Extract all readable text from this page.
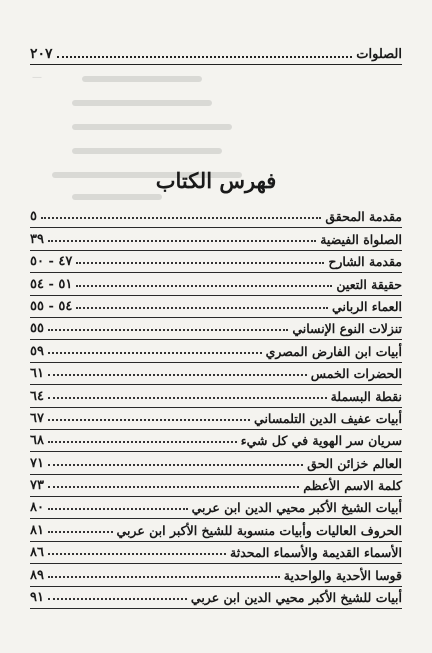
الصلوات
٢٠٧
—
فهرس الكتاب
مقدمة المحقق
٥
الصلواة الفيضية
٣٩
مقدمة الشارح
٤٧ - ٥٠
حقيقة التعين
٥١ - ٥٤
العماء الرباني
٥٤ - ٥٥
تنزلات النوع الإنساني
٥٥
أبيات ابن الفارض المصري
٥٩
الحضرات الخمس
٦١
نقطة البسملة
٦٤
أبيات عفيف الدين التلمساني
٦٧
سريان سر الهوية في كل شيء
٦٨
العالم خزائن الحق
٧١
كلمة الاسم الأعظم
٧٣
أبيات الشيخ الأكبر محيي الدين ابن عربي
٨٠
الحروف العاليات وأبيات منسوبة للشيخ الأكبر ابن عربي
٨١
الأسماء القديمة والأسماء المحدثة
٨٦
قوسا الأحدية والواحدية
٨٩
أبيات للشيخ الأكبر محيي الدين ابن عربي
٩١
